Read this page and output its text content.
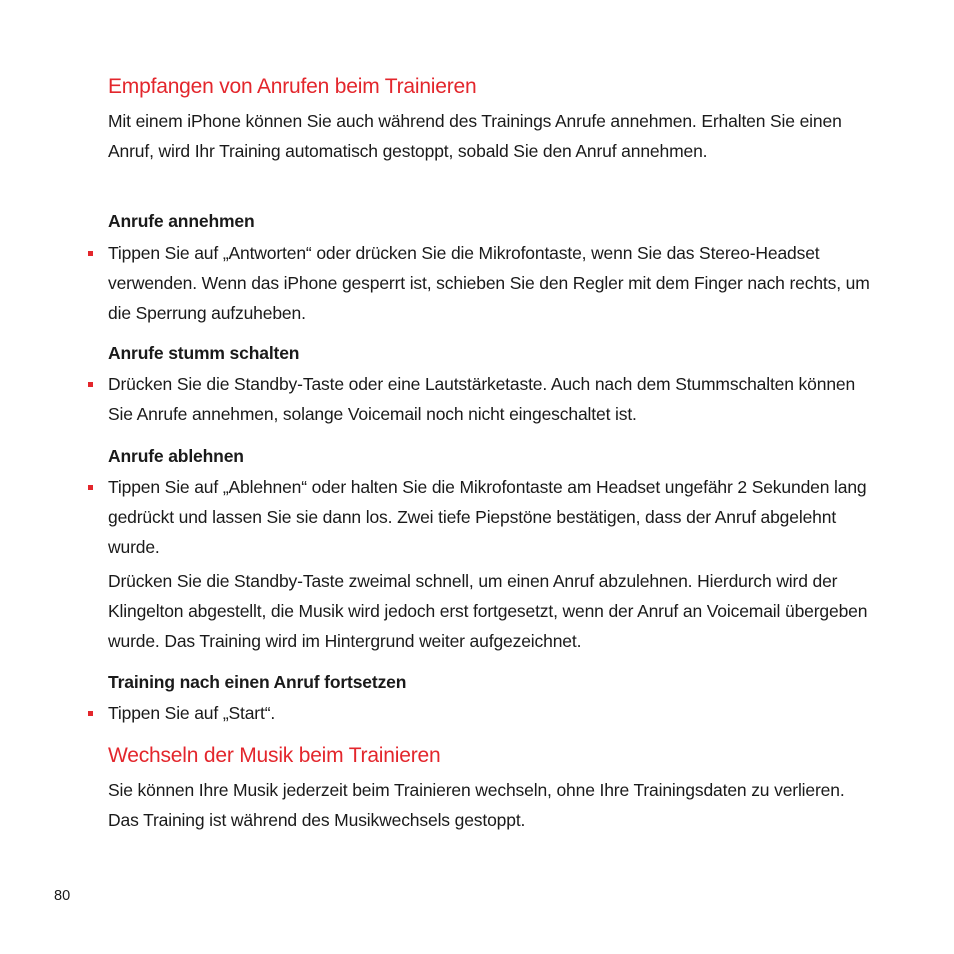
Empfangen von Anrufen beim Trainieren

Mit einem iPhone können Sie auch während des Trainings Anrufe annehmen. Erhalten Sie einen Anruf, wird Ihr Training automatisch gestoppt, sobald Sie den Anruf annehmen.

Anrufe annehmen

Tippen Sie auf „Antworten“ oder drücken Sie die Mikrofontaste, wenn Sie das Stereo-Headset verwenden. Wenn das iPhone gesperrt ist, schieben Sie den Regler mit dem Finger nach rechts, um die Sperrung aufzuheben.

Anrufe stumm schalten

Drücken Sie die Standby-Taste oder eine Lautstärketaste. Auch nach dem Stummschalten können Sie Anrufe annehmen, solange Voicemail noch nicht eingeschaltet ist.

Anrufe ablehnen

Tippen Sie auf „Ablehnen“ oder halten Sie die Mikrofontaste am Headset ungefähr 2 Sekunden lang gedrückt und lassen Sie sie dann los. Zwei tiefe Piepstöne bestätigen, dass der Anruf abgelehnt wurde.

Drücken Sie die Standby-Taste zweimal schnell, um einen Anruf abzulehnen. Hierdurch wird der Klingelton abgestellt, die Musik wird jedoch erst fortgesetzt, wenn der Anruf an Voicemail übergeben wurde. Das Training wird im Hintergrund weiter aufgezeichnet.

Training nach einen Anruf fortsetzen

Tippen Sie auf „Start“.

Wechseln der Musik beim Trainieren

Sie können Ihre Musik jederzeit beim Trainieren wechseln, ohne Ihre Trainingsdaten zu verlieren. Das Training ist während des Musikwechsels gestoppt.

80
